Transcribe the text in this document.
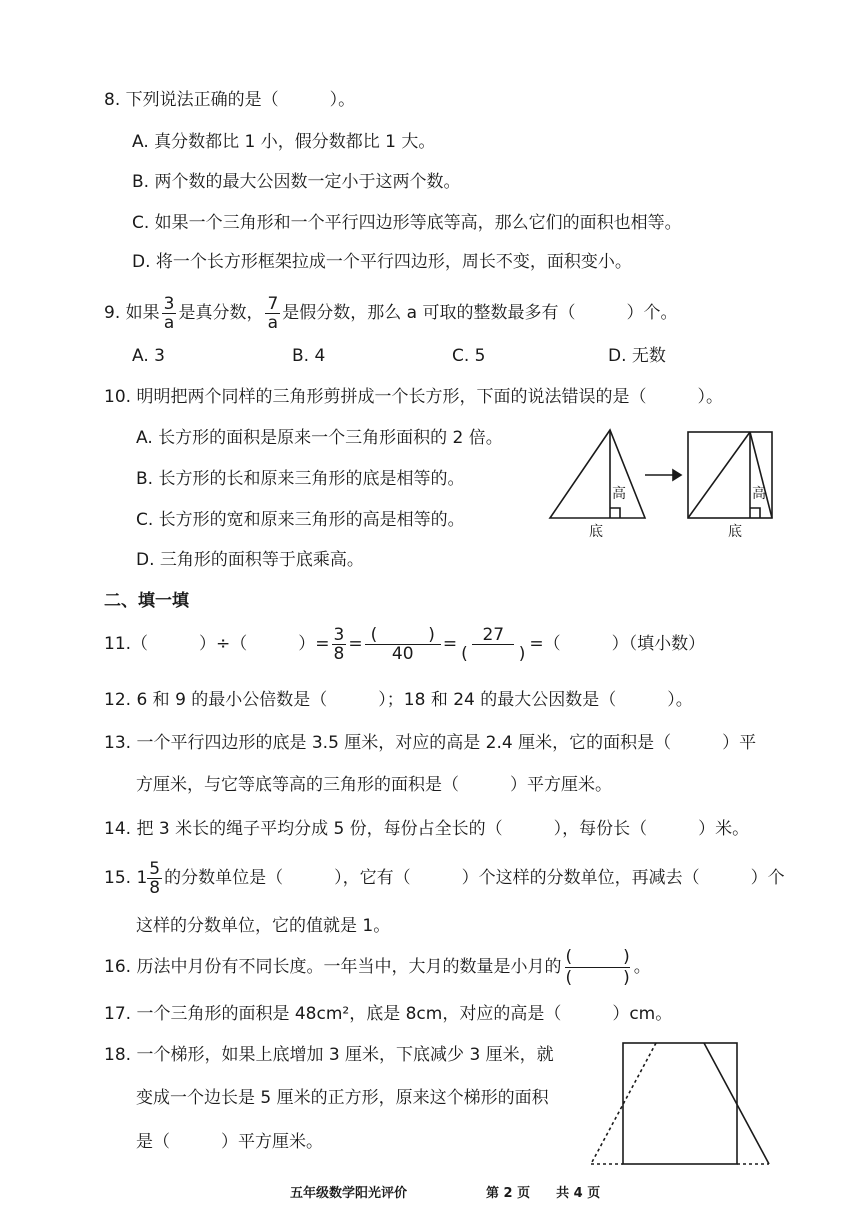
8. 下列说法正确的是（　　　）。
A. 真分数都比 1 小，假分数都比 1 大。
B. 两个数的最大公因数一定小于这两个数。
C. 如果一个三角形和一个平行四边形等底等高，那么它们的面积也相等。
D. 将一个长方形框架拉成一个平行四边形，周长不变，面积变小。
9. 如果 $\frac{3}{a}$ 是真分数， $\frac{7}{a}$ 是假分数，那么 a 可取的整数最多有（　　　）个。
A. 3	B. 4	C. 5	D. 无数
10. 明明把两个同样的三角形剪拼成一个长方形，下面的说法错误的是（　　　）。
A. 长方形的面积是原来一个三角形面积的 2 倍。
B. 长方形的长和原来三角形的底是相等的。
C. 长方形的宽和原来三角形的高是相等的。
D. 三角形的面积等于底乘高。
高
底
高
底
二、填一填
11.（　　　）÷（　　　）= $\frac{3}{8} = \frac{( )}{40} = \frac{27}{( )}$ =（　　　）（填小数）
12. 6 和 9 的最小公倍数是（　　　）；18 和 24 的最大公因数是（　　　）。
13. 一个平行四边形的底是 3.5 厘米，对应的高是 2.4 厘米，它的面积是（　　　）平
方厘米，与它等底等高的三角形的面积是（　　　）平方厘米。
14. 把 3 米长的绳子平均分成 5 份，每份占全长的（　　　），每份长（　　　）米。
15. $1 \frac{5}{8}$ 的分数单位是（　　　），它有（　　　）个这样的分数单位，再减去（　　　）个
这样的分数单位，它的值就是 1。
16. 历法中月份有不同长度。一年当中，大月的数量是小月的
(　　　)
(　　　)
。
17. 一个三角形的面积是 48cm²，底是 8cm，对应的高是（　　　）cm。
18. 一个梯形，如果上底增加 3 厘米，下底减少 3 厘米，就
变成一个边长是 5 厘米的正方形，原来这个梯形的面积
是（　　　）平方厘米。
五年级数学阳光评价	第 2 页　　共 4 页
